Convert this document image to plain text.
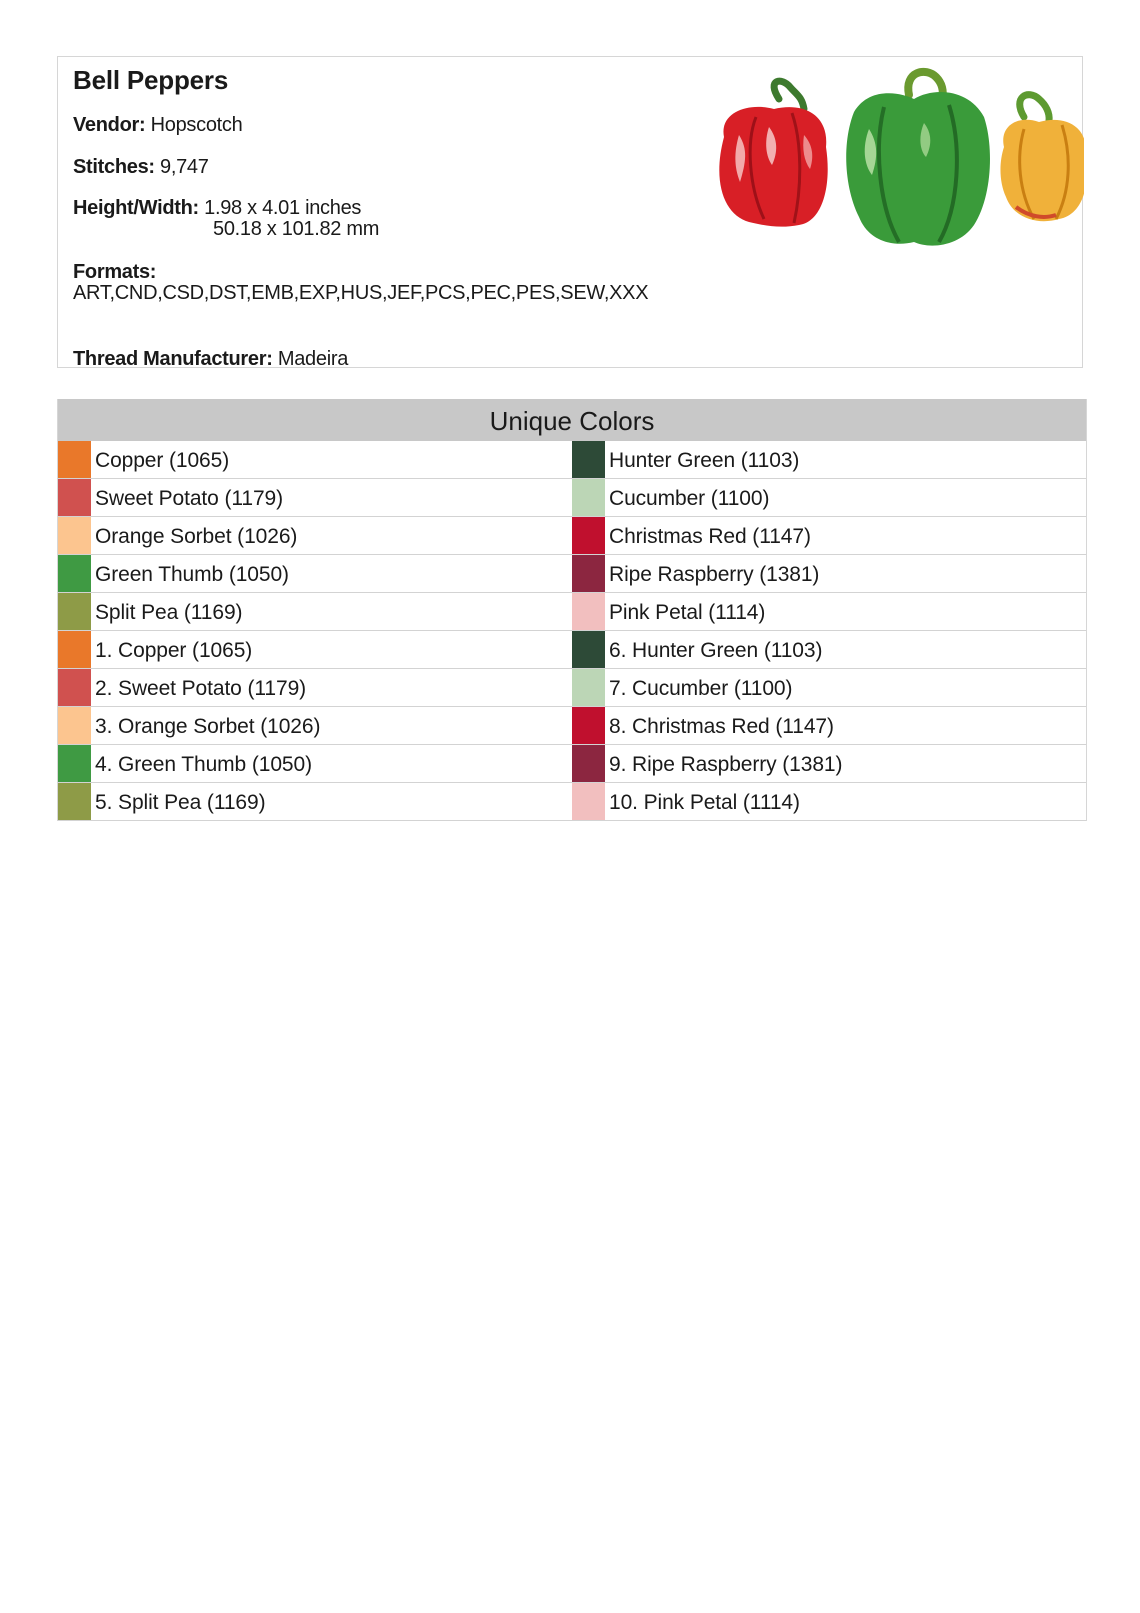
Bell Peppers
Vendor: Hopscotch
Stitches: 9,747
Height/Width: 1.98 x 4.01 inches
50.18 x 101.82 mm
Formats:
ART,CND,CSD,DST,EMB,EXP,HUS,JEF,PCS,PEC,PES,SEW,XXX
Thread Manufacturer: Madeira
Unique Colors
Copper (1065)
Sweet Potato (1179)
Orange Sorbet (1026)
Green Thumb (1050)
Split Pea (1169)
1. Copper (1065)
2. Sweet Potato (1179)
3. Orange Sorbet (1026)
4. Green Thumb (1050)
5. Split Pea (1169)
Hunter Green (1103)
Cucumber (1100)
Christmas Red (1147)
Ripe Raspberry (1381)
Pink Petal (1114)
6. Hunter Green (1103)
7. Cucumber (1100)
8. Christmas Red (1147)
9. Ripe Raspberry (1381)
10. Pink Petal (1114)
